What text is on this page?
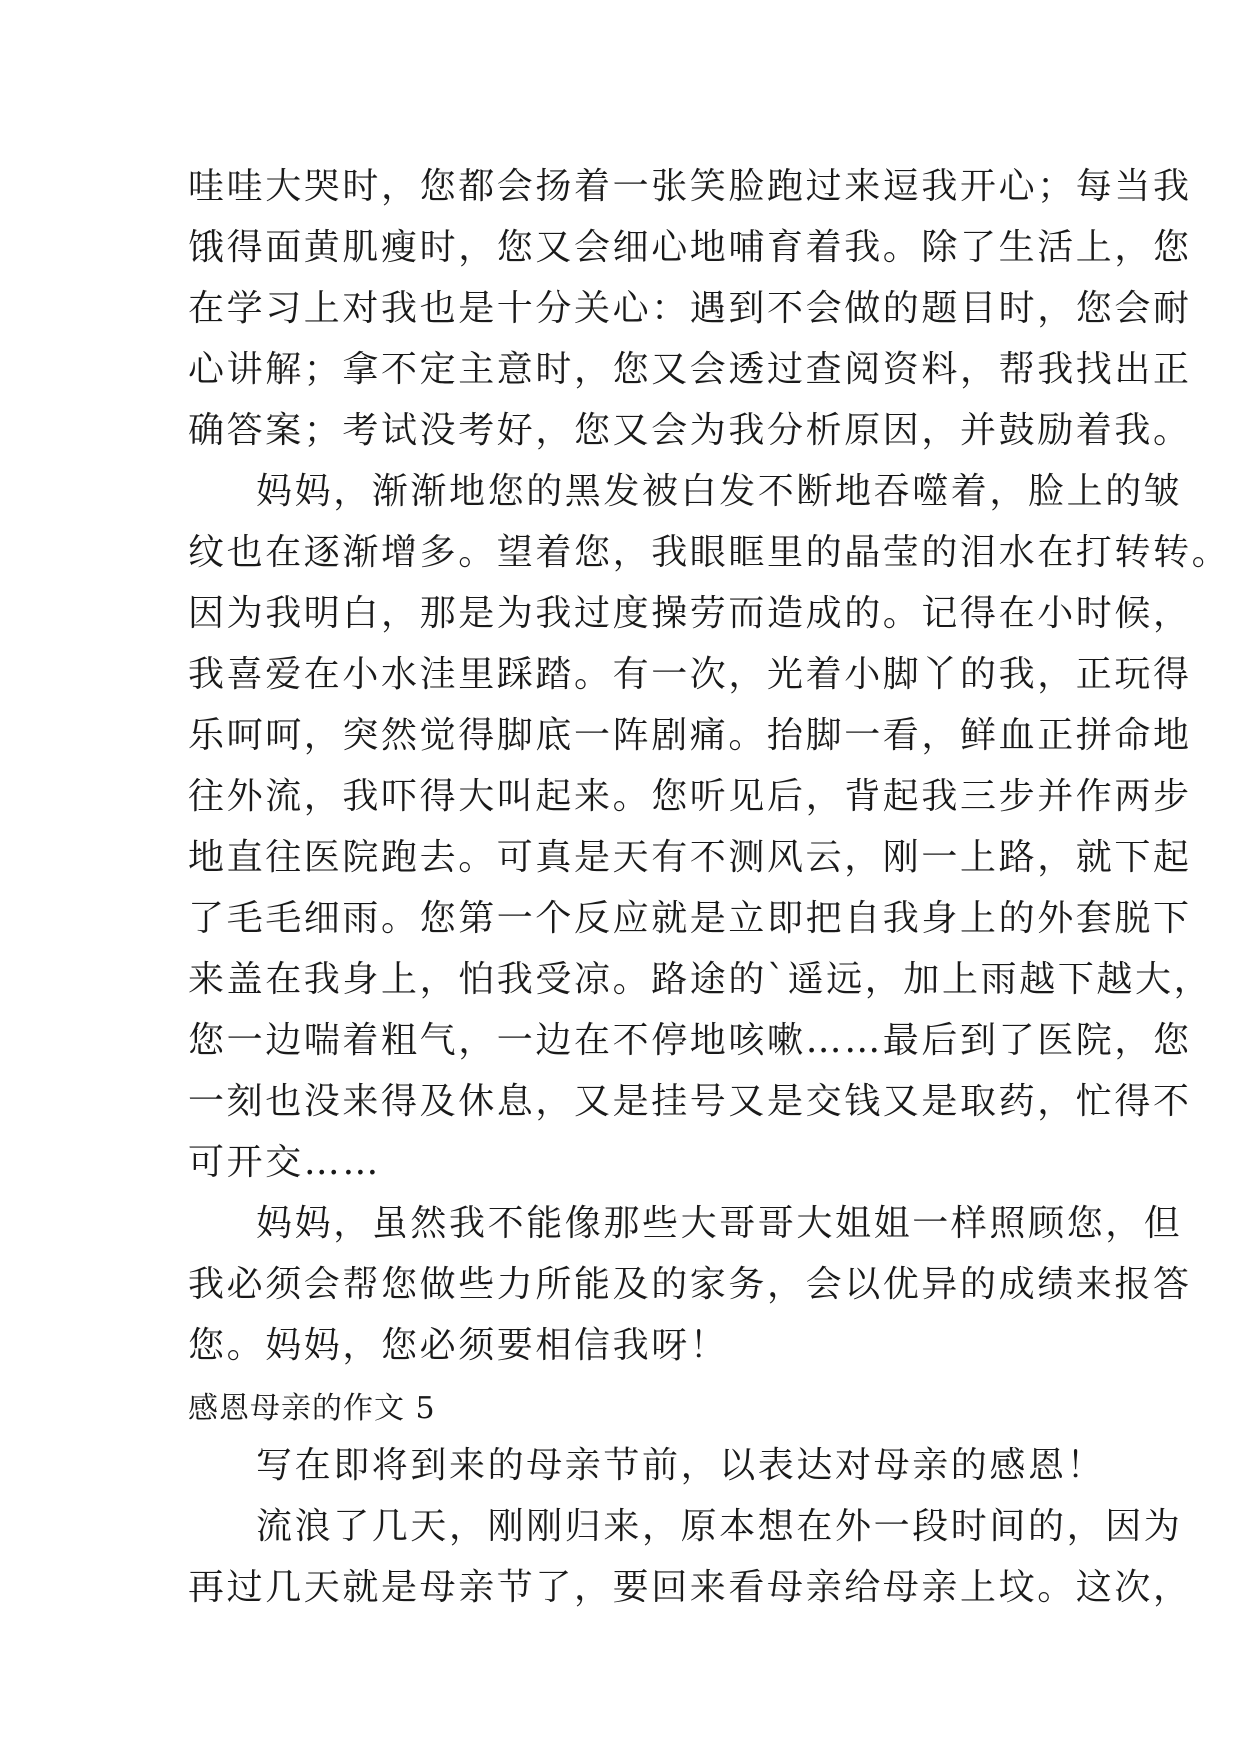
哇哇大哭时，您都会扬着一张笑脸跑过来逗我开心；每当我
饿得面黄肌瘦时，您又会细心地哺育着我。除了生活上，您
在学习上对我也是十分关心：遇到不会做的题目时，您会耐
心讲解；拿不定主意时，您又会透过查阅资料，帮我找出正
确答案；考试没考好，您又会为我分析原因，并鼓励着我。
妈妈，渐渐地您的黑发被白发不断地吞噬着，脸上的皱
纹也在逐渐增多。望着您，我眼眶里的晶莹的泪水在打转转。
因为我明白，那是为我过度操劳而造成的。记得在小时候，
我喜爱在小水洼里踩踏。有一次，光着小脚丫的我，正玩得
乐呵呵，突然觉得脚底一阵剧痛。抬脚一看，鲜血正拼命地
往外流，我吓得大叫起来。您听见后，背起我三步并作两步
地直往医院跑去。可真是天有不测风云，刚一上路，就下起
了毛毛细雨。您第一个反应就是立即把自我身上的外套脱下
来盖在我身上，怕我受凉。路途的`遥远，加上雨越下越大，
您一边喘着粗气，一边在不停地咳嗽……最后到了医院，您
一刻也没来得及休息，又是挂号又是交钱又是取药，忙得不
可开交……
妈妈，虽然我不能像那些大哥哥大姐姐一样照顾您，但
我必须会帮您做些力所能及的家务，会以优异的成绩来报答
您。妈妈，您必须要相信我呀！
感恩母亲的作文 5
写在即将到来的母亲节前，以表达对母亲的感恩！
流浪了几天，刚刚归来，原本想在外一段时间的，因为
再过几天就是母亲节了，要回来看母亲给母亲上坟。这次，
